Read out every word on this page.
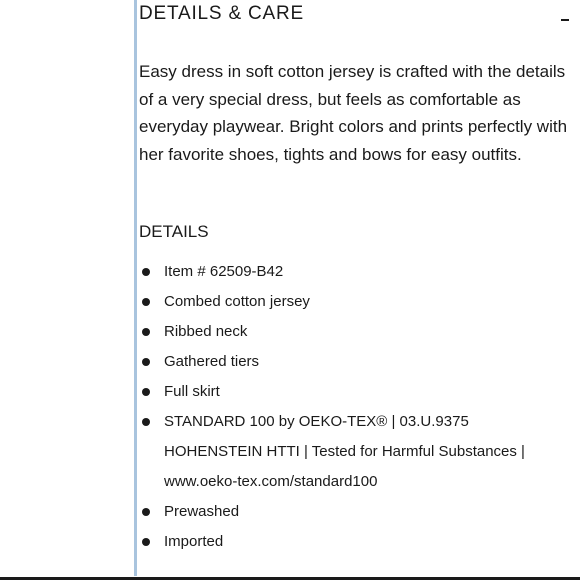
DETAILS & CARE

Easy dress in soft cotton jersey is crafted with the details of a very special dress, but feels as comfortable as everyday playwear. Bright colors and prints perfectly with her favorite shoes, tights and bows for easy outfits.

DETAILS

Item # 62509-B42
Combed cotton jersey
Ribbed neck
Gathered tiers
Full skirt
STANDARD 100 by OEKO-TEX® | 03.U.9375 HOHENSTEIN HTTI | Tested for Harmful Substances | www.oeko-tex.com/standard100
Prewashed
Imported
